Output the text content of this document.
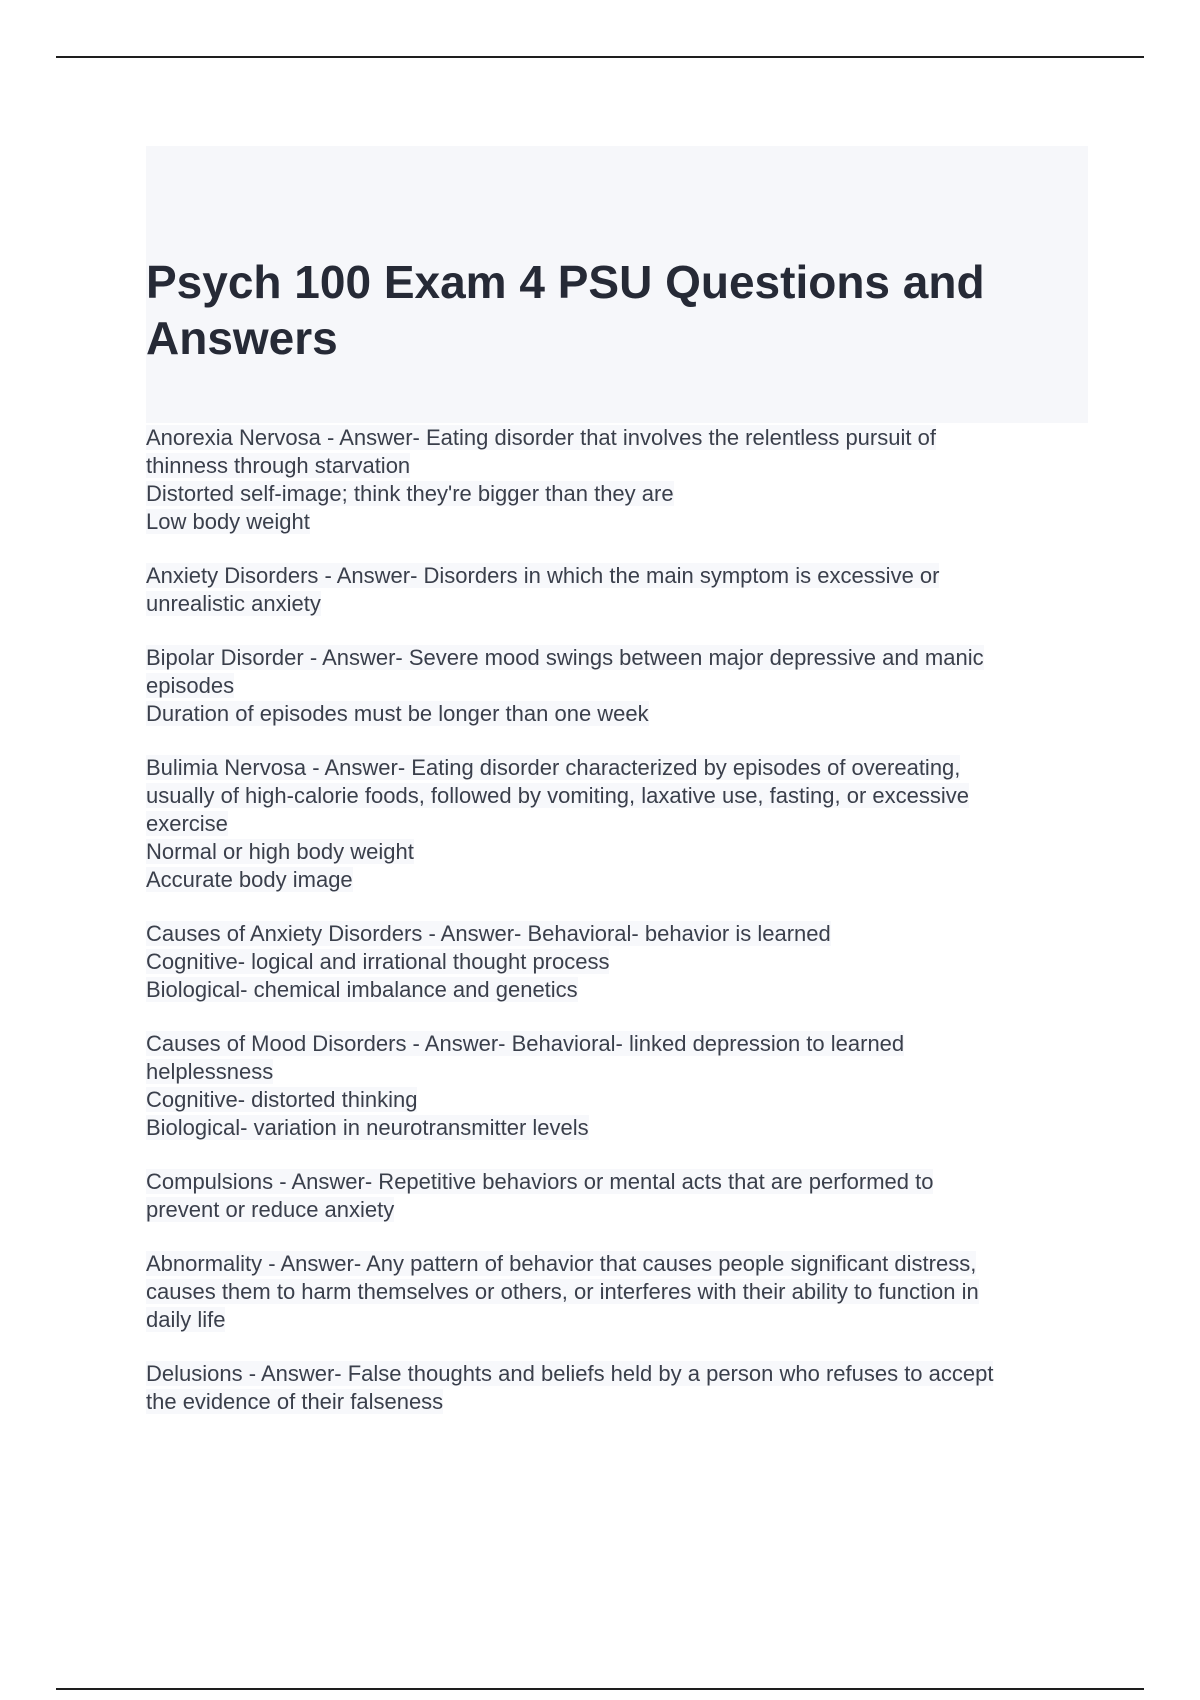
Psych 100 Exam 4 PSU Questions and
Answers
Anorexia Nervosa - Answer- Eating disorder that involves the relentless pursuit of
thinness through starvation
Distorted self-image; think they're bigger than they are
Low body weight
Anxiety Disorders - Answer- Disorders in which the main symptom is excessive or
unrealistic anxiety
Bipolar Disorder - Answer- Severe mood swings between major depressive and manic
episodes
Duration of episodes must be longer than one week
Bulimia Nervosa - Answer- Eating disorder characterized by episodes of overeating,
usually of high-calorie foods, followed by vomiting, laxative use, fasting, or excessive
exercise
Normal or high body weight
Accurate body image
Causes of Anxiety Disorders - Answer- Behavioral- behavior is learned
Cognitive- logical and irrational thought process
Biological- chemical imbalance and genetics
Causes of Mood Disorders - Answer- Behavioral- linked depression to learned
helplessness
Cognitive- distorted thinking
Biological- variation in neurotransmitter levels
Compulsions - Answer- Repetitive behaviors or mental acts that are performed to
prevent or reduce anxiety
Abnormality - Answer- Any pattern of behavior that causes people significant distress,
causes them to harm themselves or others, or interferes with their ability to function in
daily life
Delusions - Answer- False thoughts and beliefs held by a person who refuses to accept
the evidence of their falseness
